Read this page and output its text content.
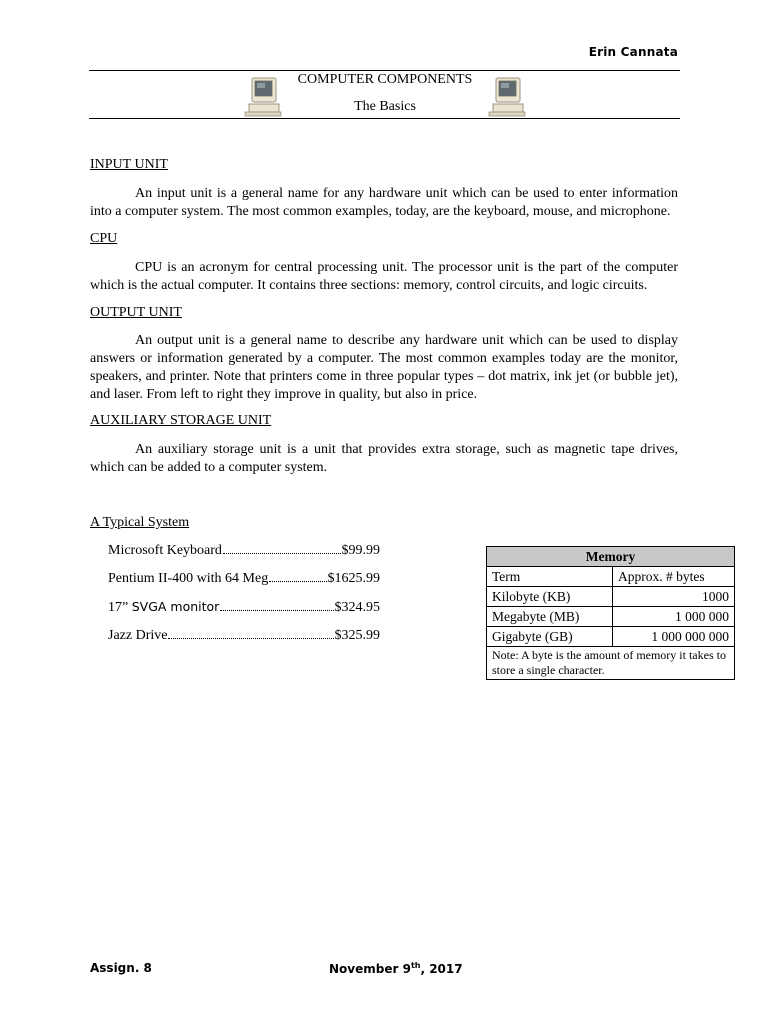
Erin Cannata
COMPUTER COMPONENTS
The Basics
INPUT UNIT
An input unit is a general name for any hardware unit which can be used to enter information into a computer system. The most common examples, today, are the keyboard, mouse, and microphone.
CPU
CPU is an acronym for central processing unit. The processor unit is the part of the computer which is the actual computer. It contains three sections: memory, control circuits, and logic circuits.
OUTPUT UNIT
An output unit is a general name to describe any hardware unit which can be used to display answers or information generated by a computer. The most common examples today are the monitor, speakers, and printer. Note that printers come in three popular types – dot matrix, ink jet (or bubble jet), and laser. From left to right they improve in quality, but also in price.
AUXILIARY STORAGE UNIT
An auxiliary storage unit is a unit that provides extra storage, such as magnetic tape drives, which can be added to a computer system.
A Typical System
Microsoft Keyboard	$99.99
Pentium II-400 with 64 Meg	$1625.99
17” SVGA monitor	$324.95
Jazz Drive	$325.99
Memory	
Term	Approx. # bytes
Kilobyte (KB)	1000
Megabyte (MB)	1 000 000
Gigabyte (GB)	1 000 000 000
Note: A byte is the amount of memory it takes to store a single character.	
Assign. 8	November 9th, 2017
